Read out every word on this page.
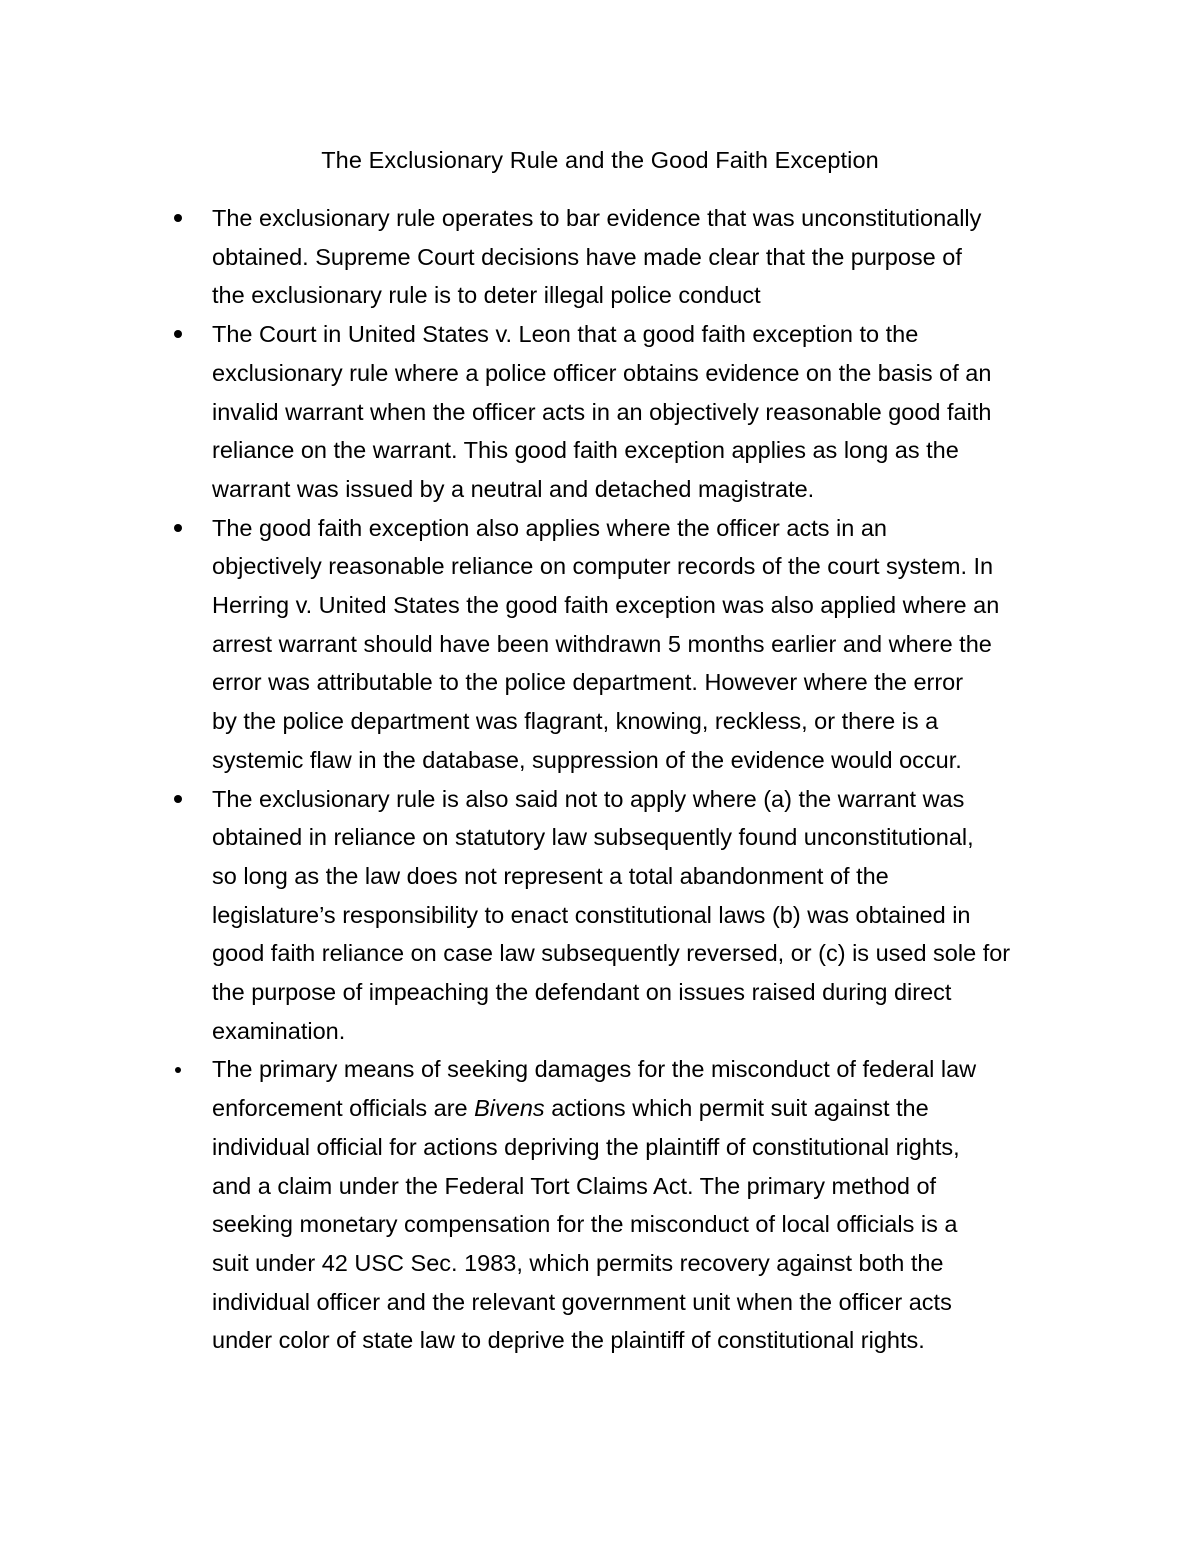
The Exclusionary Rule and the Good Faith Exception
The exclusionary rule operates to bar evidence that was unconstitutionally
obtained. Supreme Court decisions have made clear that the purpose of
the exclusionary rule is to deter illegal police conduct
The Court in United States v. Leon that a good faith exception to the
exclusionary rule where a police officer obtains evidence on the basis of an
invalid warrant when the officer acts in an objectively reasonable good faith
reliance on the warrant. This good faith exception applies as long as the
warrant was issued by a neutral and detached magistrate.
The good faith exception also applies where the officer acts in an
objectively reasonable reliance on computer records of the court system. In
Herring v. United States the good faith exception was also applied where an
arrest warrant should have been withdrawn 5 months earlier and where the
error was attributable to the police department. However where the error
by the police department was flagrant, knowing, reckless, or there is a
systemic flaw in the database, suppression of the evidence would occur.
The exclusionary rule is also said not to apply where (a) the warrant was
obtained in reliance on statutory law subsequently found unconstitutional,
so long as the law does not represent a total abandonment of the
legislature’s responsibility to enact constitutional laws (b) was obtained in
good faith reliance on case law subsequently reversed, or (c) is used sole for
the purpose of impeaching the defendant on issues raised during direct
examination.
The primary means of seeking damages for the misconduct of federal law
enforcement officials are Bivens actions which permit suit against the
individual official for actions depriving the plaintiff of constitutional rights,
and a claim under the Federal Tort Claims Act. The primary method of
seeking monetary compensation for the misconduct of local officials is a
suit under 42 USC Sec. 1983, which permits recovery against both the
individual officer and the relevant government unit when the officer acts
under color of state law to deprive the plaintiff of constitutional rights.
